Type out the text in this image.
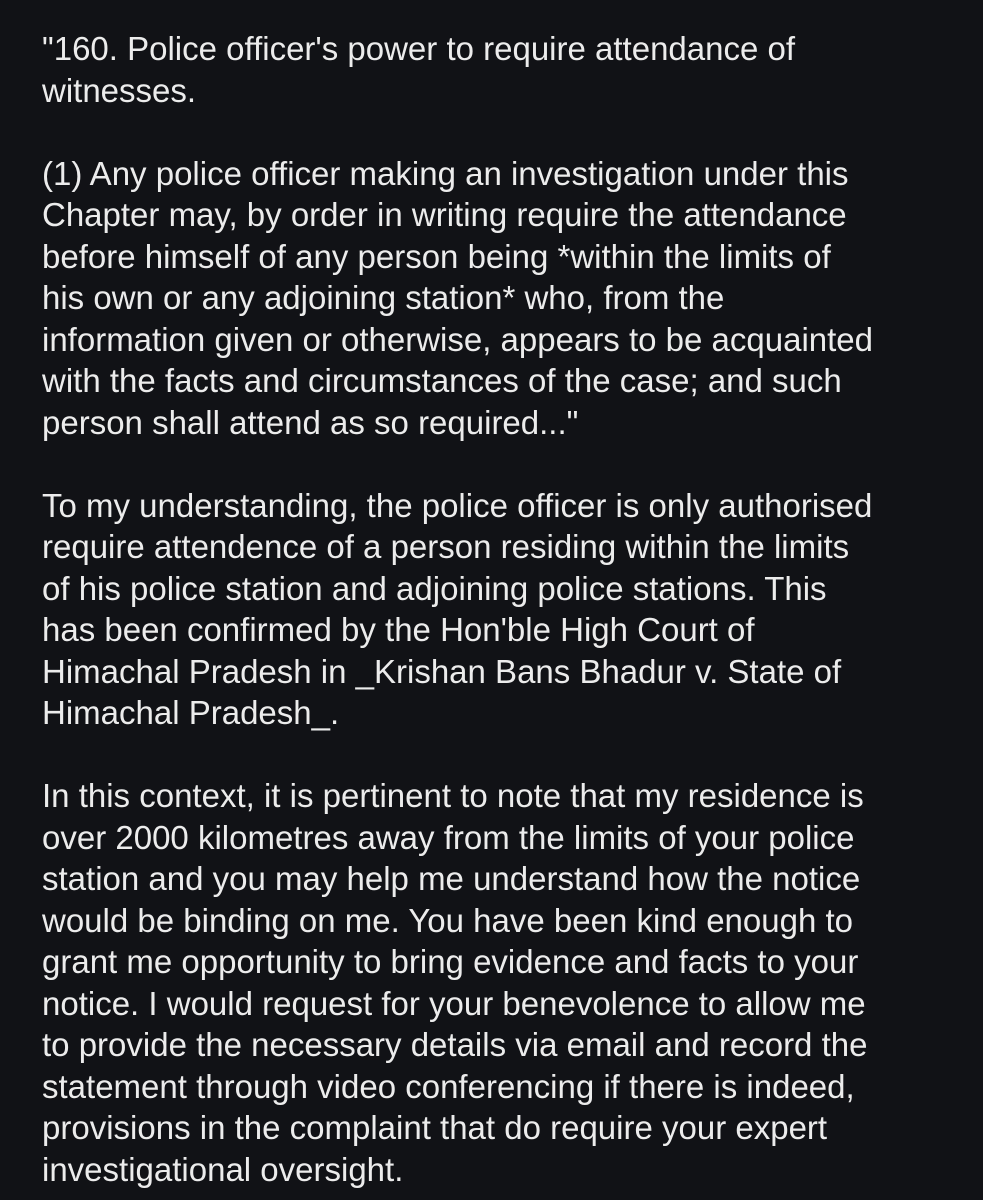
"160. Police officer's power to require attendance of
witnesses.

(1) Any police officer making an investigation under this
Chapter may, by order in writing require the attendance
before himself of any person being *within the limits of
his own or any adjoining station* who, from the
information given or otherwise, appears to be acquainted
with the facts and circumstances of the case; and such
person shall attend as so required..."

To my understanding, the police officer is only authorised
require attendence of a person residing within the limits
of his police station and adjoining police stations. This
has been confirmed by the Hon'ble High Court of
Himachal Pradesh in _Krishan Bans Bhadur v. State of
Himachal Pradesh_.

In this context, it is pertinent to note that my residence is
over 2000 kilometres away from the limits of your police
station and you may help me understand how the notice
would be binding on me. You have been kind enough to
grant me opportunity to bring evidence and facts to your
notice. I would request for your benevolence to allow me
to provide the necessary details via email and record the
statement through video conferencing if there is indeed,
provisions in the complaint that do require your expert
investigational oversight.
